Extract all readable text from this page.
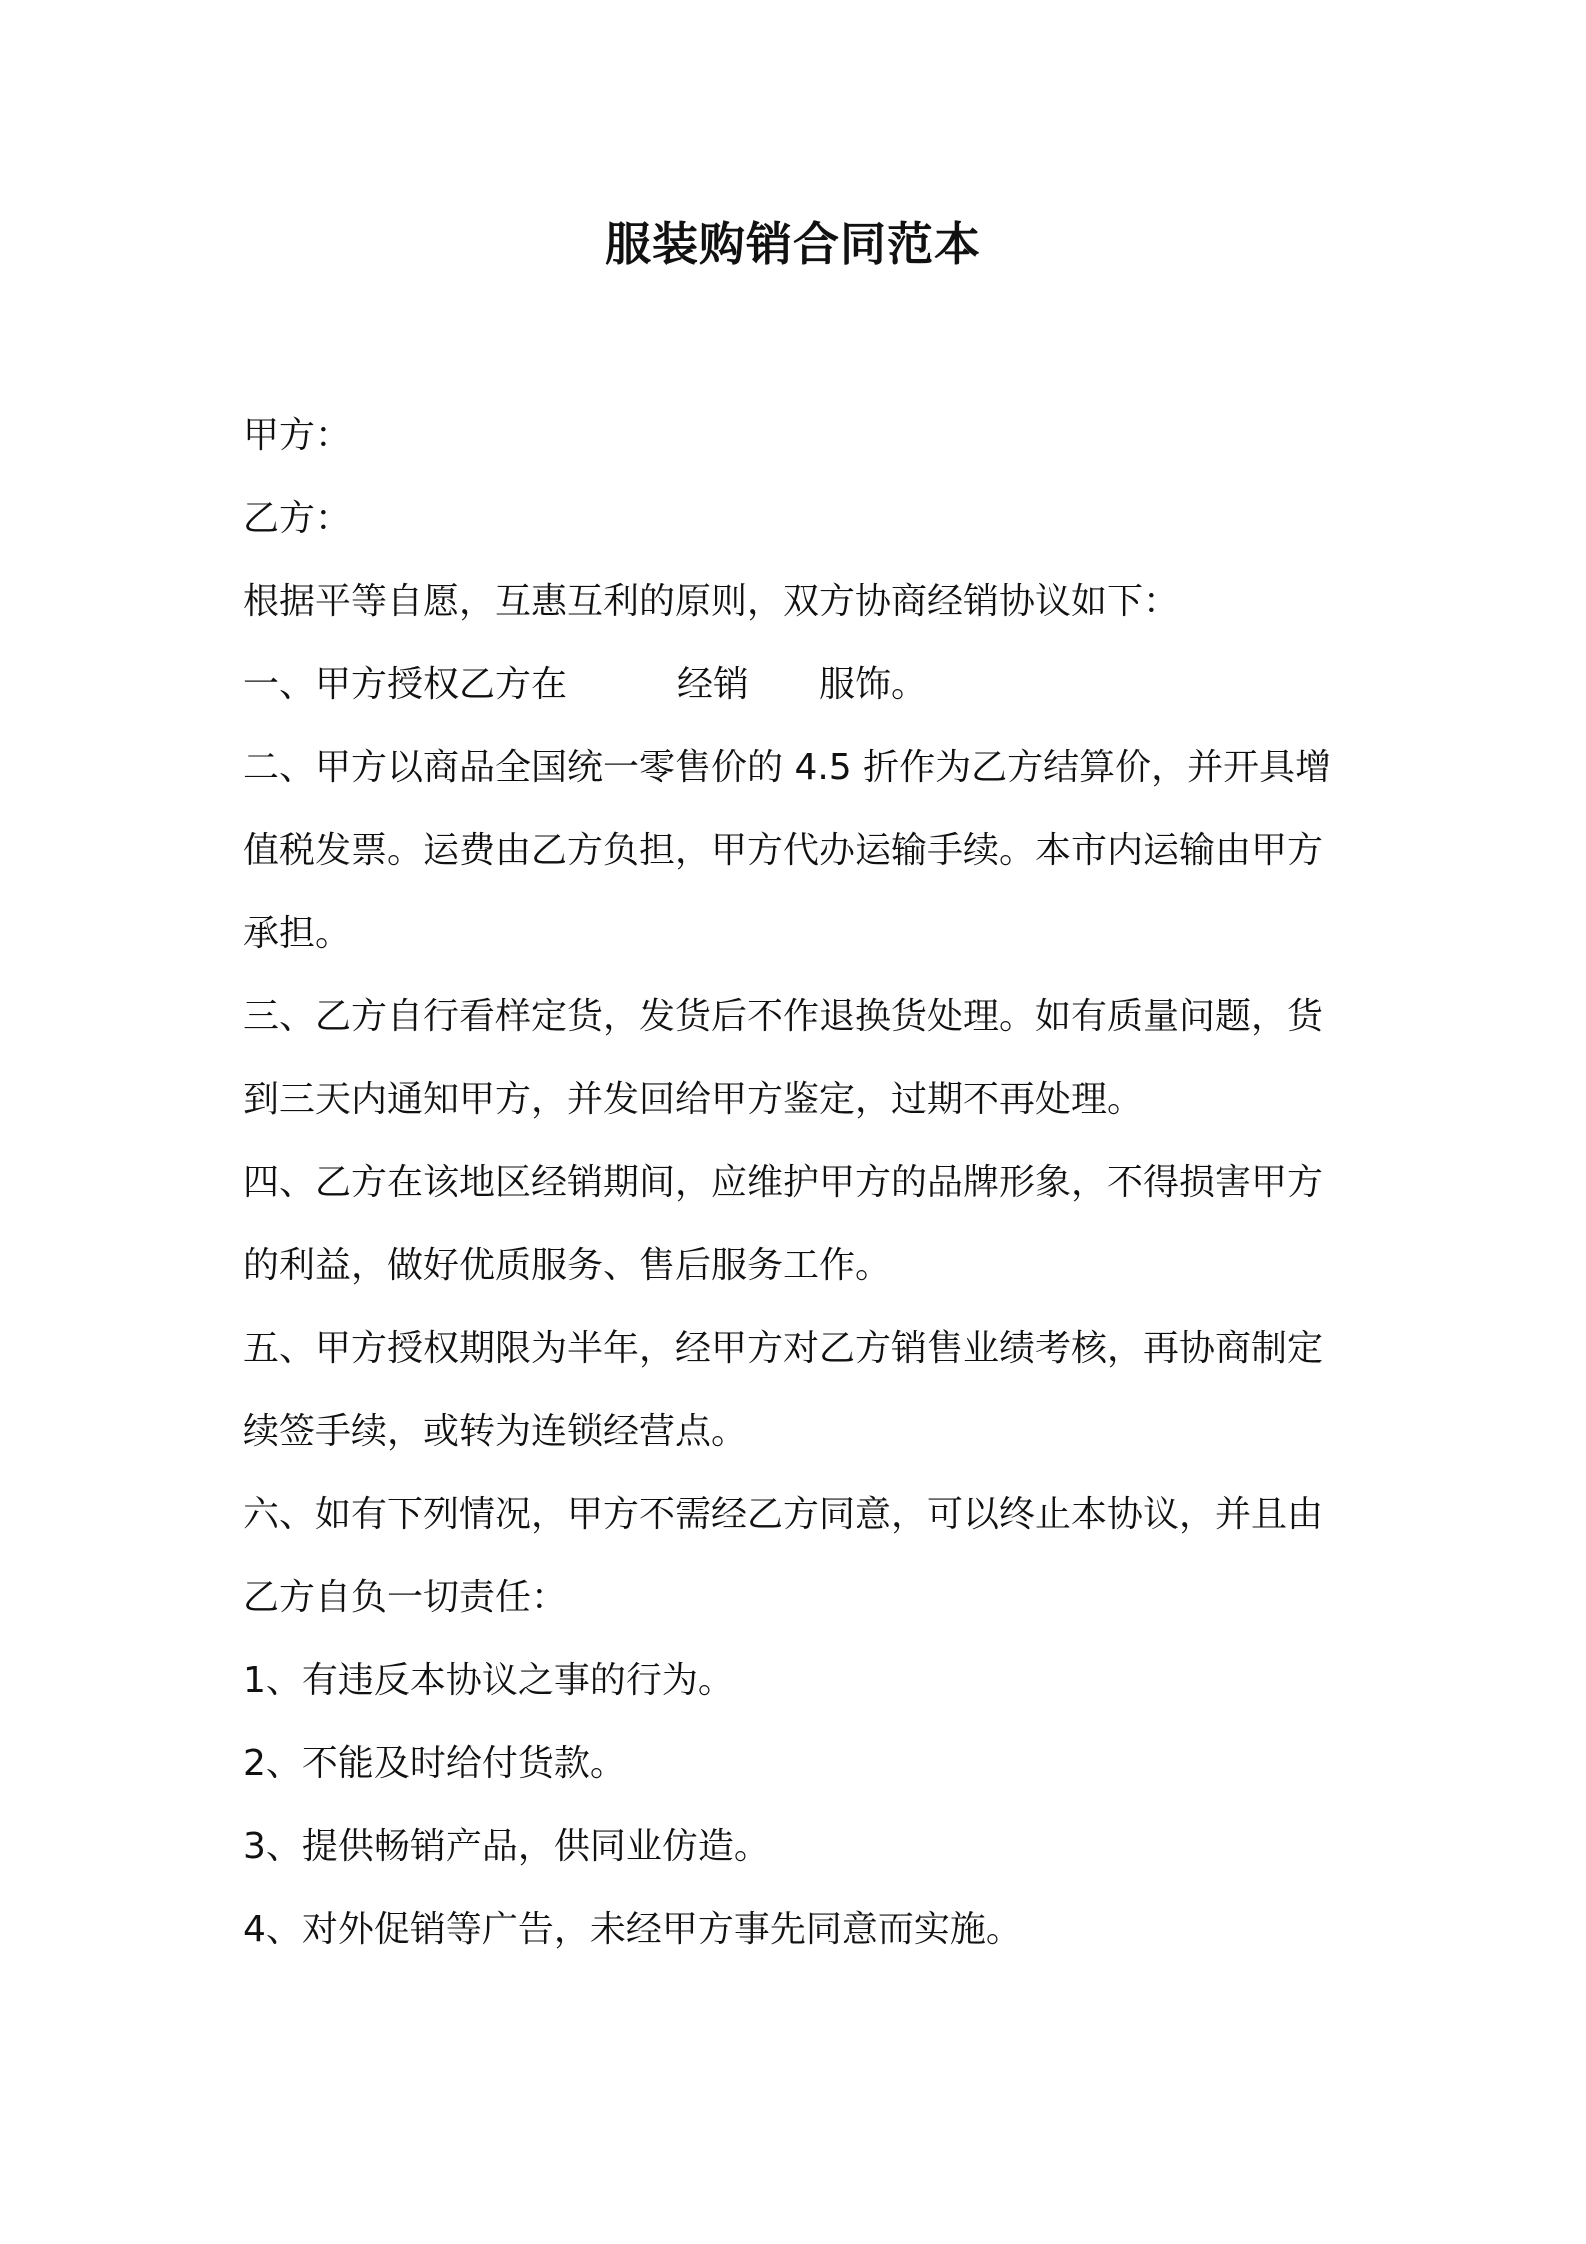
服装购销合同范本
甲方：
乙方：
根据平等自愿，互惠互利的原则，双方协商经销协议如下：
一、甲方授权乙方在	经销 服饰。
二、甲方以商品全国统一零售价的 4.5 折作为乙方结算价，并开具增
值税发票。运费由乙方负担，甲方代办运输手续。本市内运输由甲方
承担。
三、乙方自行看样定货，发货后不作退换货处理。如有质量问题，货
到三天内通知甲方，并发回给甲方鉴定，过期不再处理。
四、乙方在该地区经销期间，应维护甲方的品牌形象，不得损害甲方
的利益，做好优质服务、售后服务工作。
五、甲方授权期限为半年，经甲方对乙方销售业绩考核，再协商制定
续签手续，或转为连锁经营点。
六、如有下列情况，甲方不需经乙方同意，可以终止本协议，并且由
乙方自负一切责任：
1、有违反本协议之事的行为。
2、不能及时给付货款。
3、提供畅销产品，供同业仿造。
4、对外促销等广告，未经甲方事先同意而实施。
